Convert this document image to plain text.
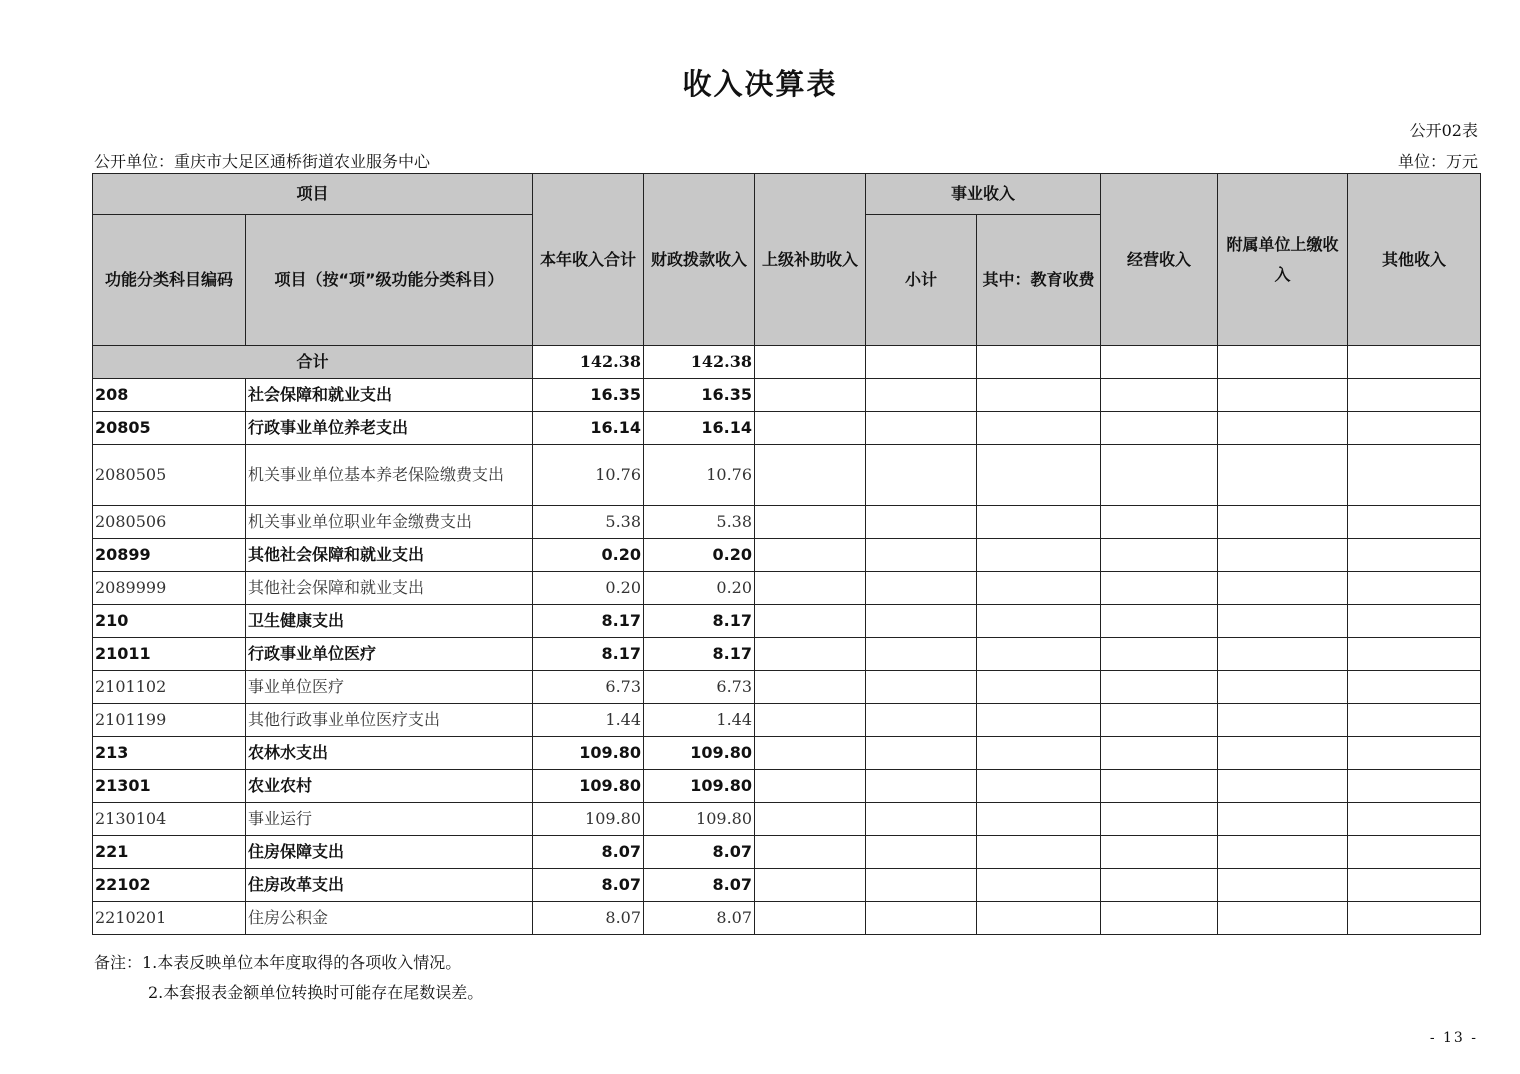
收入决算表
公开02表
公开单位：重庆市大足区通桥街道农业服务中心	单位：万元
项目		本年收入合计	财政拨款收入	上级补助收入	事业收入		经营收入	附属单位上缴收入	其他收入
功能分类科目编码	项目（按“项”级功能分类科目）				小计	其中：教育收费			
合计		142.38	142.38						
208	社会保障和就业支出	16.35	16.35						
20805	行政事业单位养老支出	16.14	16.14						
2080505	机关事业单位基本养老保险缴费支出	10.76	10.76						
2080506	机关事业单位职业年金缴费支出	5.38	5.38						
20899	其他社会保障和就业支出	0.20	0.20						
2089999	其他社会保障和就业支出	0.20	0.20						
210	卫生健康支出	8.17	8.17						
21011	行政事业单位医疗	8.17	8.17						
2101102	事业单位医疗	6.73	6.73						
2101199	其他行政事业单位医疗支出	1.44	1.44						
213	农林水支出	109.80	109.80						
21301	农业农村	109.80	109.80						
2130104	事业运行	109.80	109.80						
221	住房保障支出	8.07	8.07						
22102	住房改革支出	8.07	8.07						
2210201	住房公积金	8.07	8.07						
备注：1.本表反映单位本年度取得的各项收入情况。
2.本套报表金额单位转换时可能存在尾数误差。
- 13 -
